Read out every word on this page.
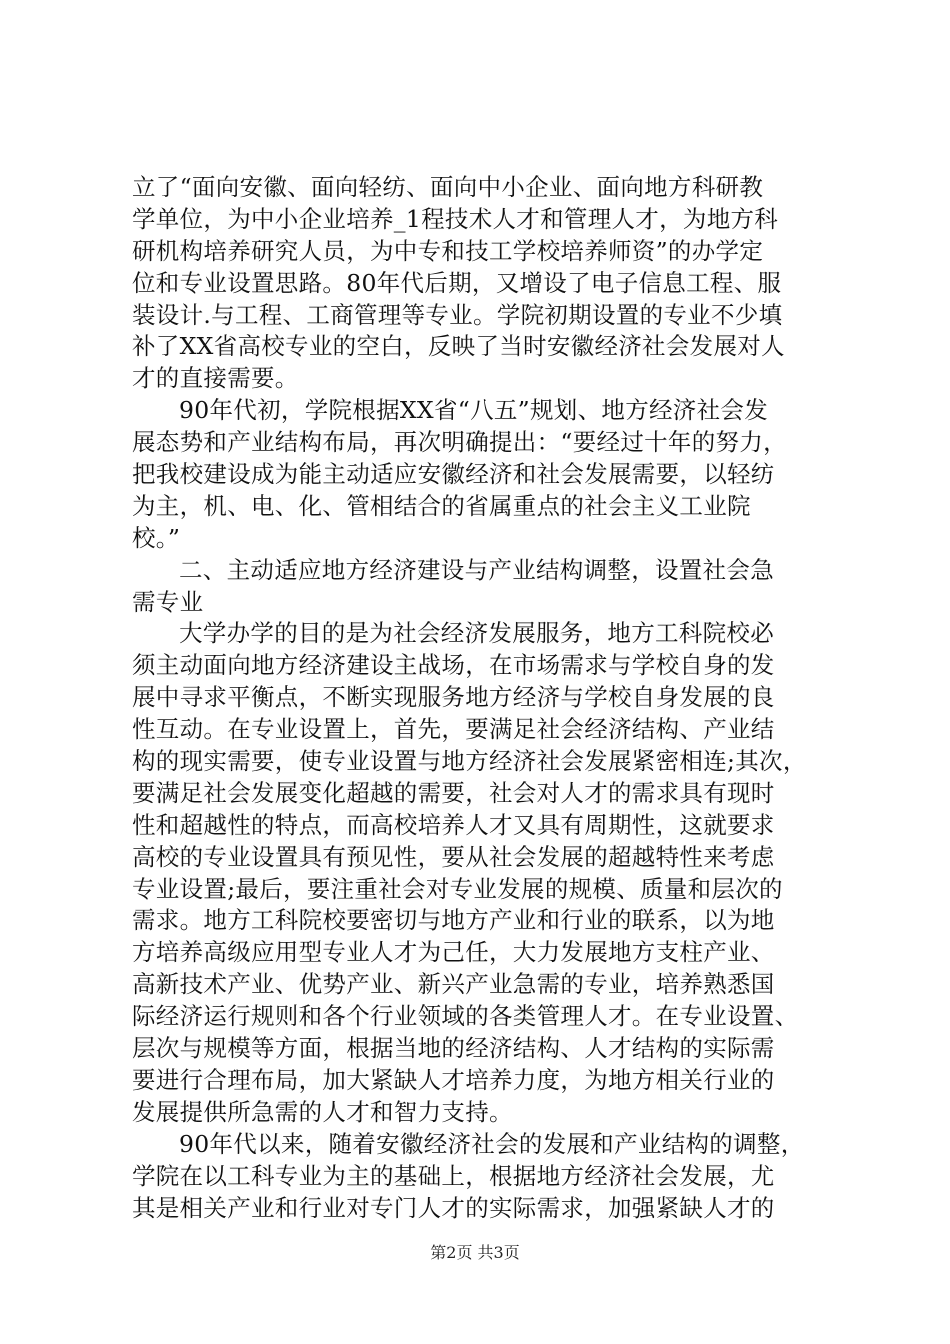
立了“面向安徽、面向轻纺、面向中小企业、面向地方科研教
学单位，为中小企业培养_1程技术人才和管理人才，为地方科
研机构培养研究人员，为中专和技工学校培养师资”的办学定
位和专业设置思路。80年代后期，又增设了电子信息工程、服
装设计.与工程、工商管理等专业。学院初期设置的专业不少填
补了XX省高校专业的空白，反映了当时安徽经济社会发展对人
才的直接需要。
90年代初，学院根据XX省“八五”规划、地方经济社会发
展态势和产业结构布局，再次明确提出：“要经过十年的努力，
把我校建设成为能主动适应安徽经济和社会发展需要，以轻纺
为主，机、电、化、管相结合的省属重点的社会主义工业院
校。”
二、主动适应地方经济建设与产业结构调整，设置社会急
需专业
大学办学的目的是为社会经济发展服务，地方工科院校必
须主动面向地方经济建设主战场，在市场需求与学校自身的发
展中寻求平衡点，不断实现服务地方经济与学校自身发展的良
性互动。在专业设置上，首先，要满足社会经济结构、产业结
构的现实需要，使专业设置与地方经济社会发展紧密相连;其次，
要满足社会发展变化超越的需要，社会对人才的需求具有现时
性和超越性的特点，而高校培养人才又具有周期性，这就要求
高校的专业设置具有预见性，要从社会发展的超越特性来考虑
专业设置;最后，要注重社会对专业发展的规模、质量和层次的
需求。地方工科院校要密切与地方产业和行业的联系，以为地
方培养高级应用型专业人才为己任，大力发展地方支柱产业、
高新技术产业、优势产业、新兴产业急需的专业，培养熟悉国
际经济运行规则和各个行业领域的各类管理人才。在专业设置、
层次与规模等方面，根据当地的经济结构、人才结构的实际需
要进行合理布局，加大紧缺人才培养力度，为地方相关行业的
发展提供所急需的人才和智力支持。
90年代以来，随着安徽经济社会的发展和产业结构的调整，
学院在以工科专业为主的基础上，根据地方经济社会发展，尤
其是相关产业和行业对专门人才的实际需求，加强紧缺人才的
第2页 共3页
